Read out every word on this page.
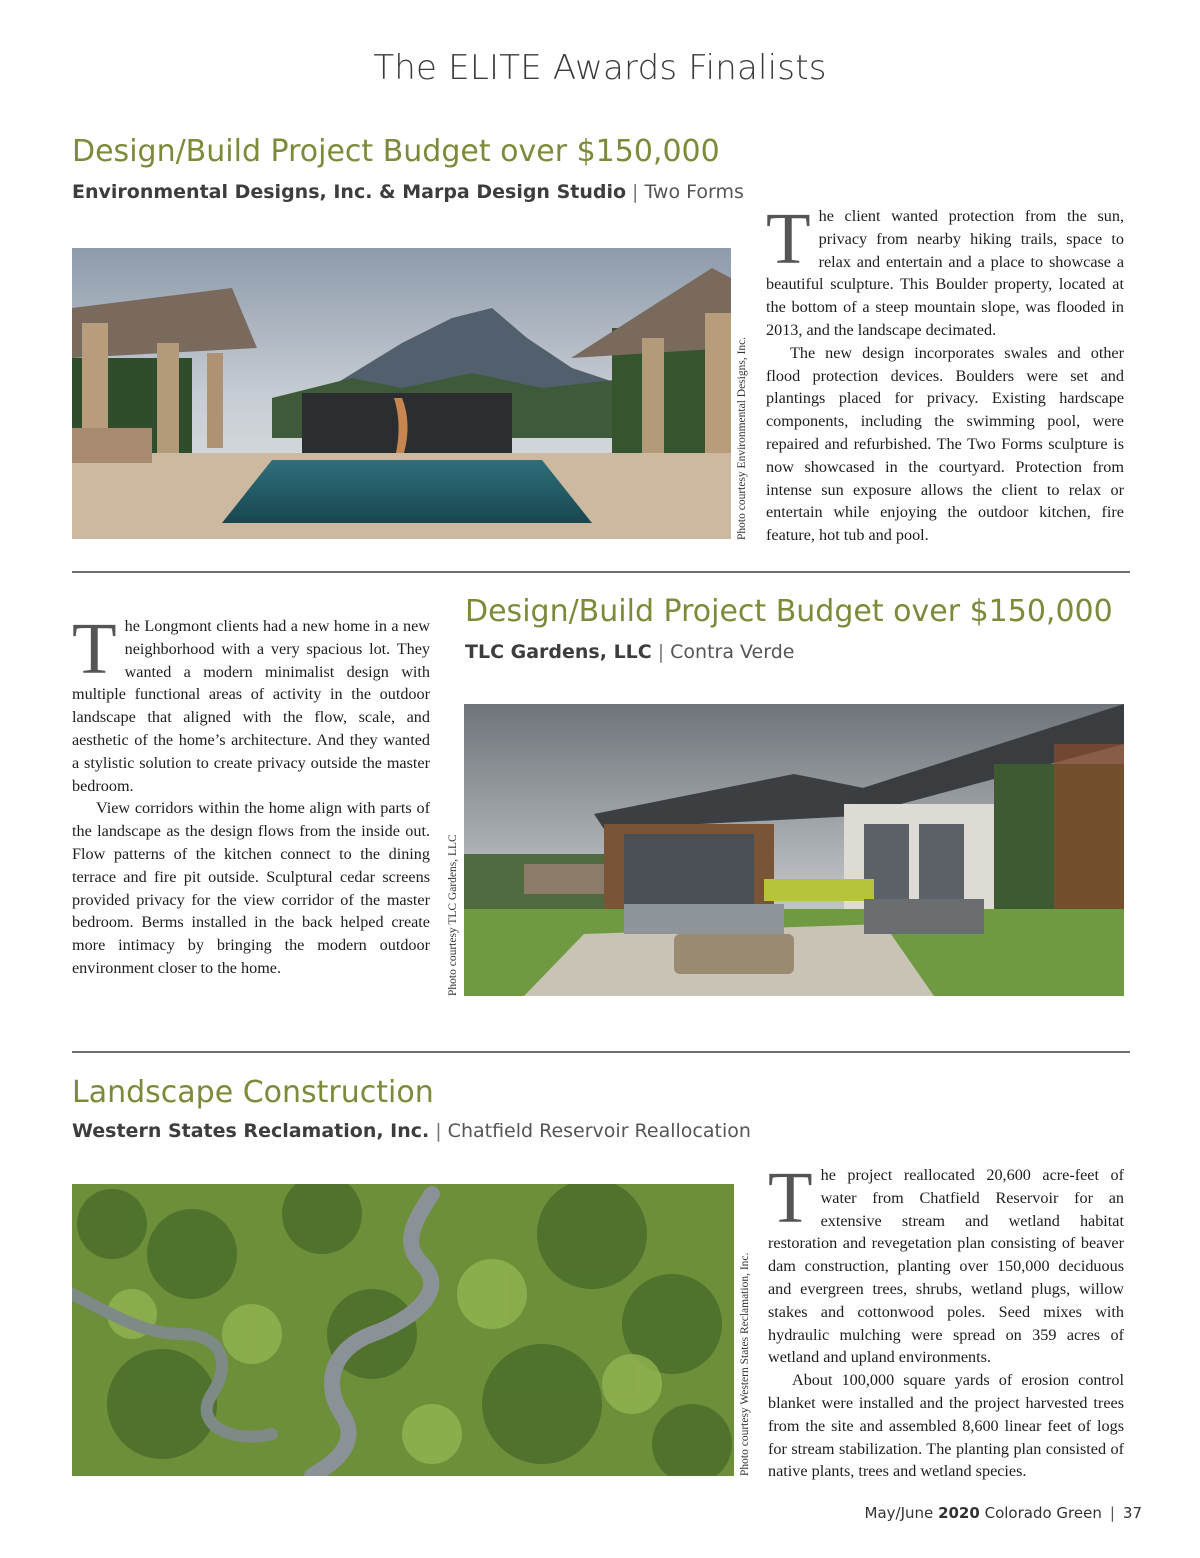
The ELITE Awards Finalists
Design/Build Project Budget over $150,000
Environmental Designs, Inc. & Marpa Design Studio | Two Forms
Photo courtesy Environmental Designs, Inc.

The client wanted protection from the sun, privacy from nearby hiking trails, space to relax and entertain and a place to showcase a beautiful sculpture. This Boulder property, located at the bottom of a steep mountain slope, was flooded in 2013, and the landscape decimated.

The new design incorporates swales and other flood protection devices. Boulders were set and plantings placed for privacy. Existing hardscape components, including the swimming pool, were repaired and refurbished. The Two Forms sculpture is now showcased in the courtyard. Protection from intense sun exposure allows the client to relax or entertain while enjoying the outdoor kitchen, fire feature, hot tub and pool.

Design/Build Project Budget over $150,000
TLC Gardens, LLC | Contra Verde

The Longmont clients had a new home in a new neighborhood with a very spacious lot. They wanted a modern minimalist design with multiple functional areas of activity in the outdoor landscape that aligned with the flow, scale, and aesthetic of the home’s architecture. And they wanted a stylistic solution to create privacy outside the master bedroom.

View corridors within the home align with parts of the landscape as the design flows from the inside out. Flow patterns of the kitchen connect to the dining terrace and fire pit outside. Sculptural cedar screens provided privacy for the view corridor of the master bedroom. Berms installed in the back helped create more intimacy by bringing the modern outdoor environment closer to the home.	Photo courtesy TLC Gardens, LLC
Landscape Construction
Western States Reclamation, Inc. | Chatfield Reservoir Reallocation
Photo courtesy Western States Reclamation, Inc.

The project reallocated 20,600 acre-feet of water from Chatfield Reservoir for an extensive stream and wetland habitat restoration and revegetation plan consisting of beaver dam construction, planting over 150,000 deciduous and evergreen trees, shrubs, wetland plugs, willow stakes and cottonwood poles. Seed mixes with hydraulic mulching were spread on 359 acres of wetland and upland environments.

About 100,000 square yards of erosion control blanket were installed and the project harvested trees from the site and assembled 8,600 linear feet of logs for stream stabilization. The planting plan consisted of native plants, trees and wetland species.

May/June 2020 Colorado Green | 37
